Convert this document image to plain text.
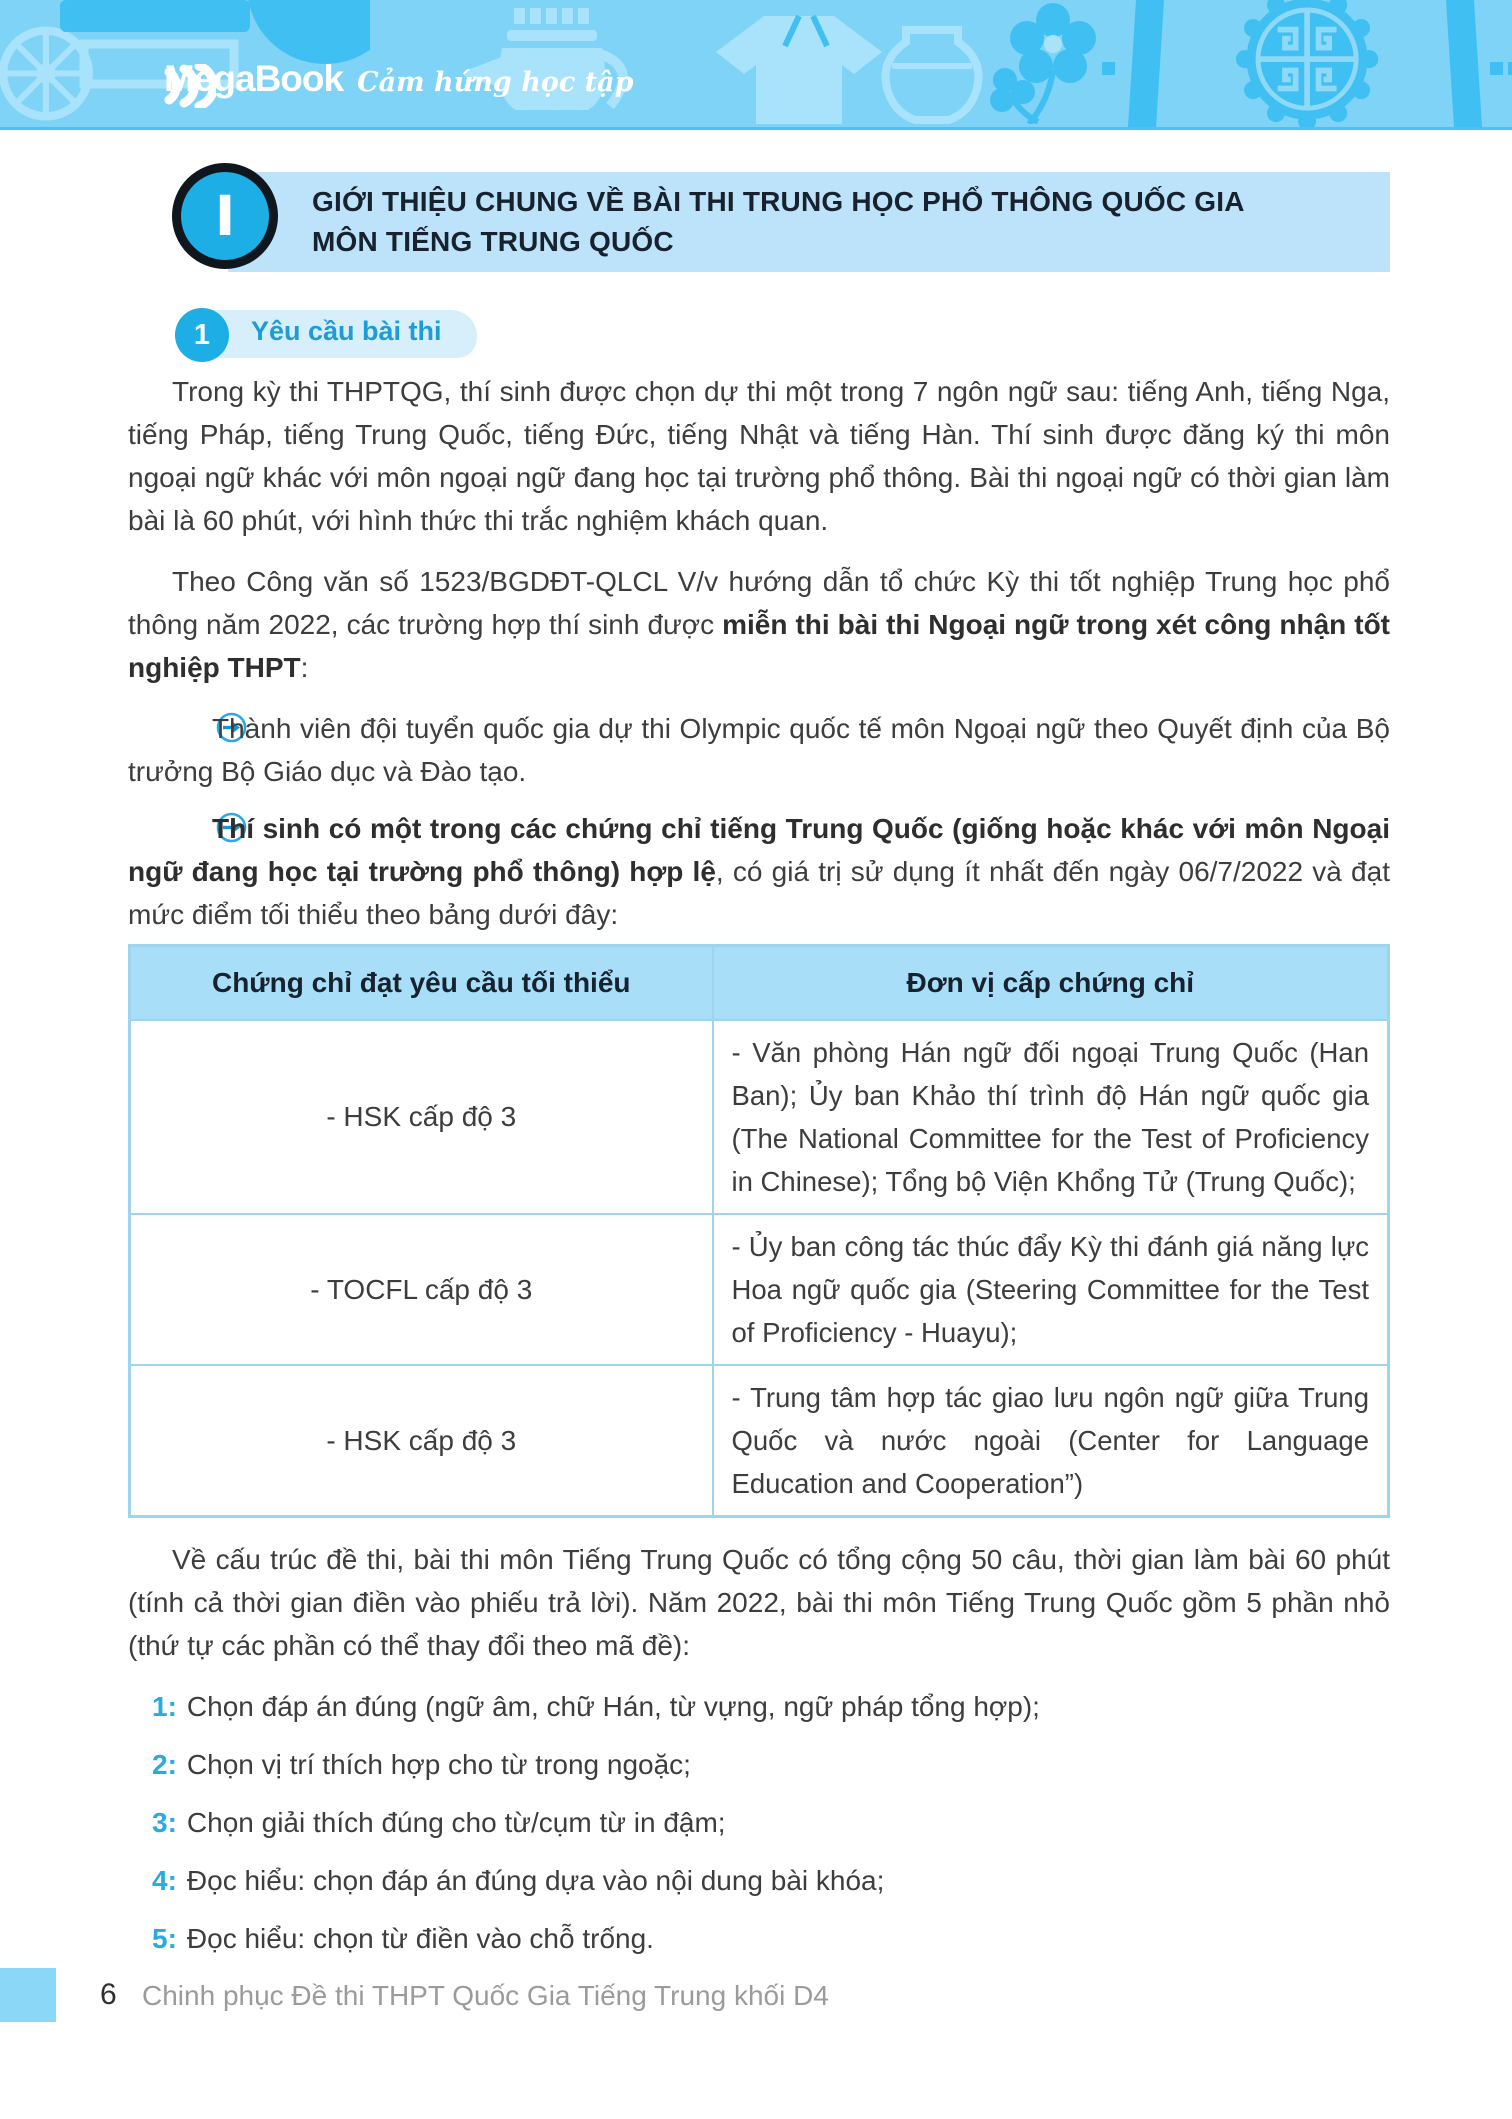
MegaBook Cảm hứng học tập
I	GIỚI THIỆU CHUNG VỀ BÀI THI TRUNG HỌC PHỔ THÔNG QUỐC GIA
MÔN TIẾNG TRUNG QUỐC
1	Yêu cầu bài thi

Trong kỳ thi THPTQG, thí sinh được chọn dự thi một trong 7 ngôn ngữ sau: tiếng Anh, tiếng Nga, tiếng Pháp, tiếng Trung Quốc, tiếng Đức, tiếng Nhật và tiếng Hàn. Thí sinh được đăng ký thi môn ngoại ngữ khác với môn ngoại ngữ đang học tại trường phổ thông. Bài thi ngoại ngữ có thời gian làm bài là 60 phút, với hình thức thi trắc nghiệm khách quan.

Theo Công văn số 1523/BGDĐT-QLCL V/v hướng dẫn tổ chức Kỳ thi tốt nghiệp Trung học phổ thông năm 2022, các trường hợp thí sinh được miễn thi bài thi Ngoại ngữ trong xét công nhận tốt nghiệp THPT:

Thành viên đội tuyển quốc gia dự thi Olympic quốc tế môn Ngoại ngữ theo Quyết định của Bộ trưởng Bộ Giáo dục và Đào tạo.

Thí sinh có một trong các chứng chỉ tiếng Trung Quốc (giống hoặc khác với môn Ngoại ngữ đang học tại trường phổ thông) hợp lệ, có giá trị sử dụng ít nhất đến ngày 06/7/2022 và đạt mức điểm tối thiểu theo bảng dưới đây:

Chứng chỉ đạt yêu cầu tối thiểu	Đơn vị cấp chứng chỉ
- HSK cấp độ 3	- Văn phòng Hán ngữ đối ngoại Trung Quốc (Han Ban); Ủy ban Khảo thí trình độ Hán ngữ quốc gia (The National Committee for the Test of Proficiency in Chinese); Tổng bộ Viện Khổng Tử (Trung Quốc);
- TOCFL cấp độ 3	- Ủy ban công tác thúc đẩy Kỳ thi đánh giá năng lực Hoa ngữ quốc gia (Steering Committee for the Test of Proficiency - Huayu);
- HSK cấp độ 3	- Trung tâm hợp tác giao lưu ngôn ngữ giữa Trung Quốc và nước ngoài (Center for Language Education and Cooperation”)

Về cấu trúc đề thi, bài thi môn Tiếng Trung Quốc có tổng cộng 50 câu, thời gian làm bài 60 phút (tính cả thời gian điền vào phiếu trả lời). Năm 2022, bài thi môn Tiếng Trung Quốc gồm 5 phần nhỏ (thứ tự các phần có thể thay đổi theo mã đề):

1: Chọn đáp án đúng (ngữ âm, chữ Hán, từ vựng, ngữ pháp tổng hợp);

2: Chọn vị trí thích hợp cho từ trong ngoặc;

3: Chọn giải thích đúng cho từ/cụm từ in đậm;

4: Đọc hiểu: chọn đáp án đúng dựa vào nội dung bài khóa;

5: Đọc hiểu: chọn từ điền vào chỗ trống.

6 Chinh phục Đề thi THPT Quốc Gia Tiếng Trung khối D4
